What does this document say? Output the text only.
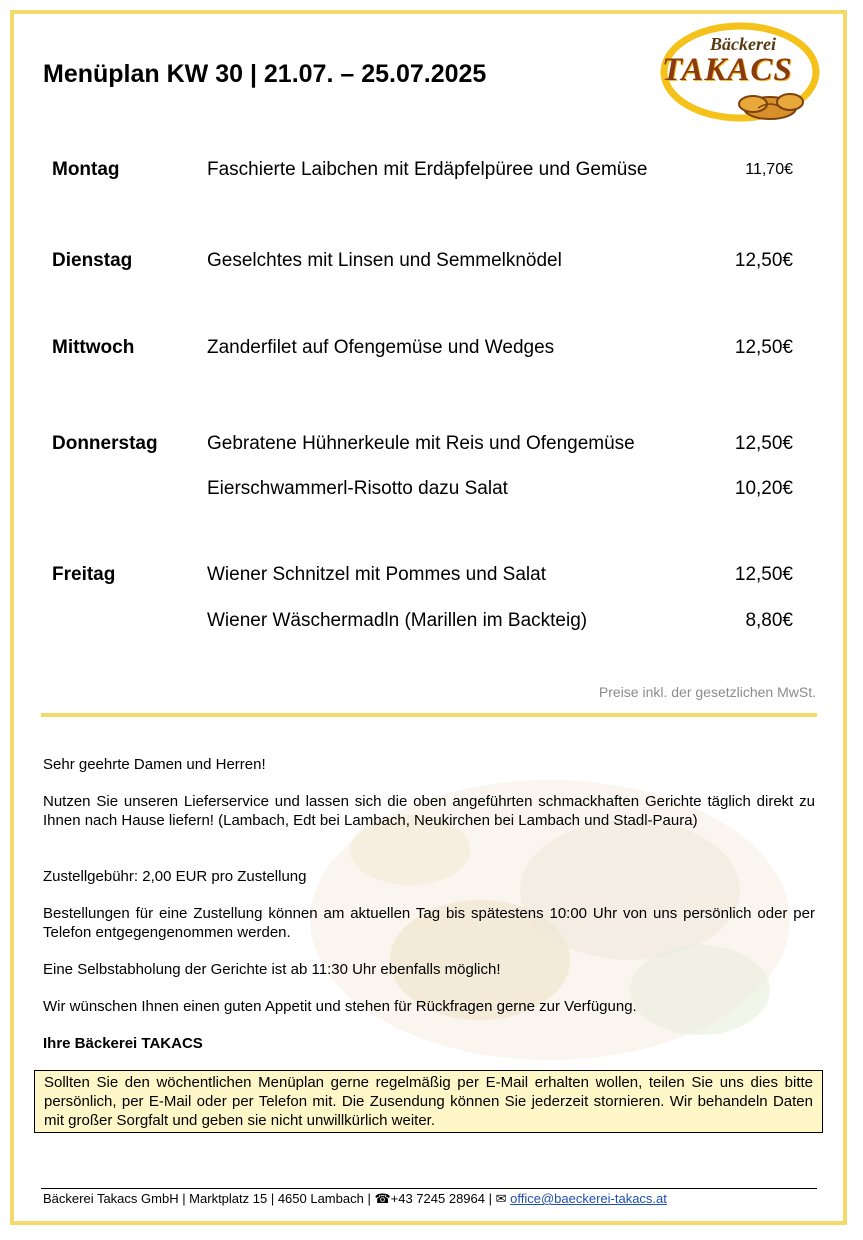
Menüplan KW 30 | 21.07. – 25.07.2025
Bäckerei
TAKACS
Montag	Faschierte Laibchen mit Erdäpfelpüree und Gemüse	11,70€
Dienstag	Geselchtes mit Linsen und Semmelknödel	12,50€
Mittwoch	Zanderfilet auf Ofengemüse und Wedges	12,50€
Donnerstag	Gebratene Hühnerkeule mit Reis und Ofengemüse	12,50€
Eierschwammerl-Risotto dazu Salat	10,20€
Freitag	Wiener Schnitzel mit Pommes und Salat	12,50€
Wiener Wäschermadln (Marillen im Backteig)	8,80€
Preise inkl. der gesetzlichen MwSt.
Sehr geehrte Damen und Herren!
Nutzen Sie unseren Lieferservice und lassen sich die oben angeführten schmackhaften Gerichte täglich direkt zu Ihnen nach Hause liefern! (Lambach, Edt bei Lambach, Neukirchen bei Lambach und Stadl-Paura)
Zustellgebühr: 2,00 EUR pro Zustellung
Bestellungen für eine Zustellung können am aktuellen Tag bis spätestens 10:00 Uhr von uns persönlich oder per Telefon entgegengenommen werden.
Eine Selbstabholung der Gerichte ist ab 11:30 Uhr ebenfalls möglich!
Wir wünschen Ihnen einen guten Appetit und stehen für Rückfragen gerne zur Verfügung.
Ihre Bäckerei TAKACS
Sollten Sie den wöchentlichen Menüplan gerne regelmäßig per E-Mail erhalten wollen, teilen Sie uns dies bitte persönlich, per E-Mail oder per Telefon mit. Die Zusendung können Sie jederzeit stornieren. Wir behandeln Daten mit großer Sorgfalt und geben sie nicht unwillkürlich weiter.
Bäckerei Takacs GmbH | Marktplatz 15 | 4650 Lambach | ☎+43 7245 28964 | ✉ office@baeckerei-takacs.at
